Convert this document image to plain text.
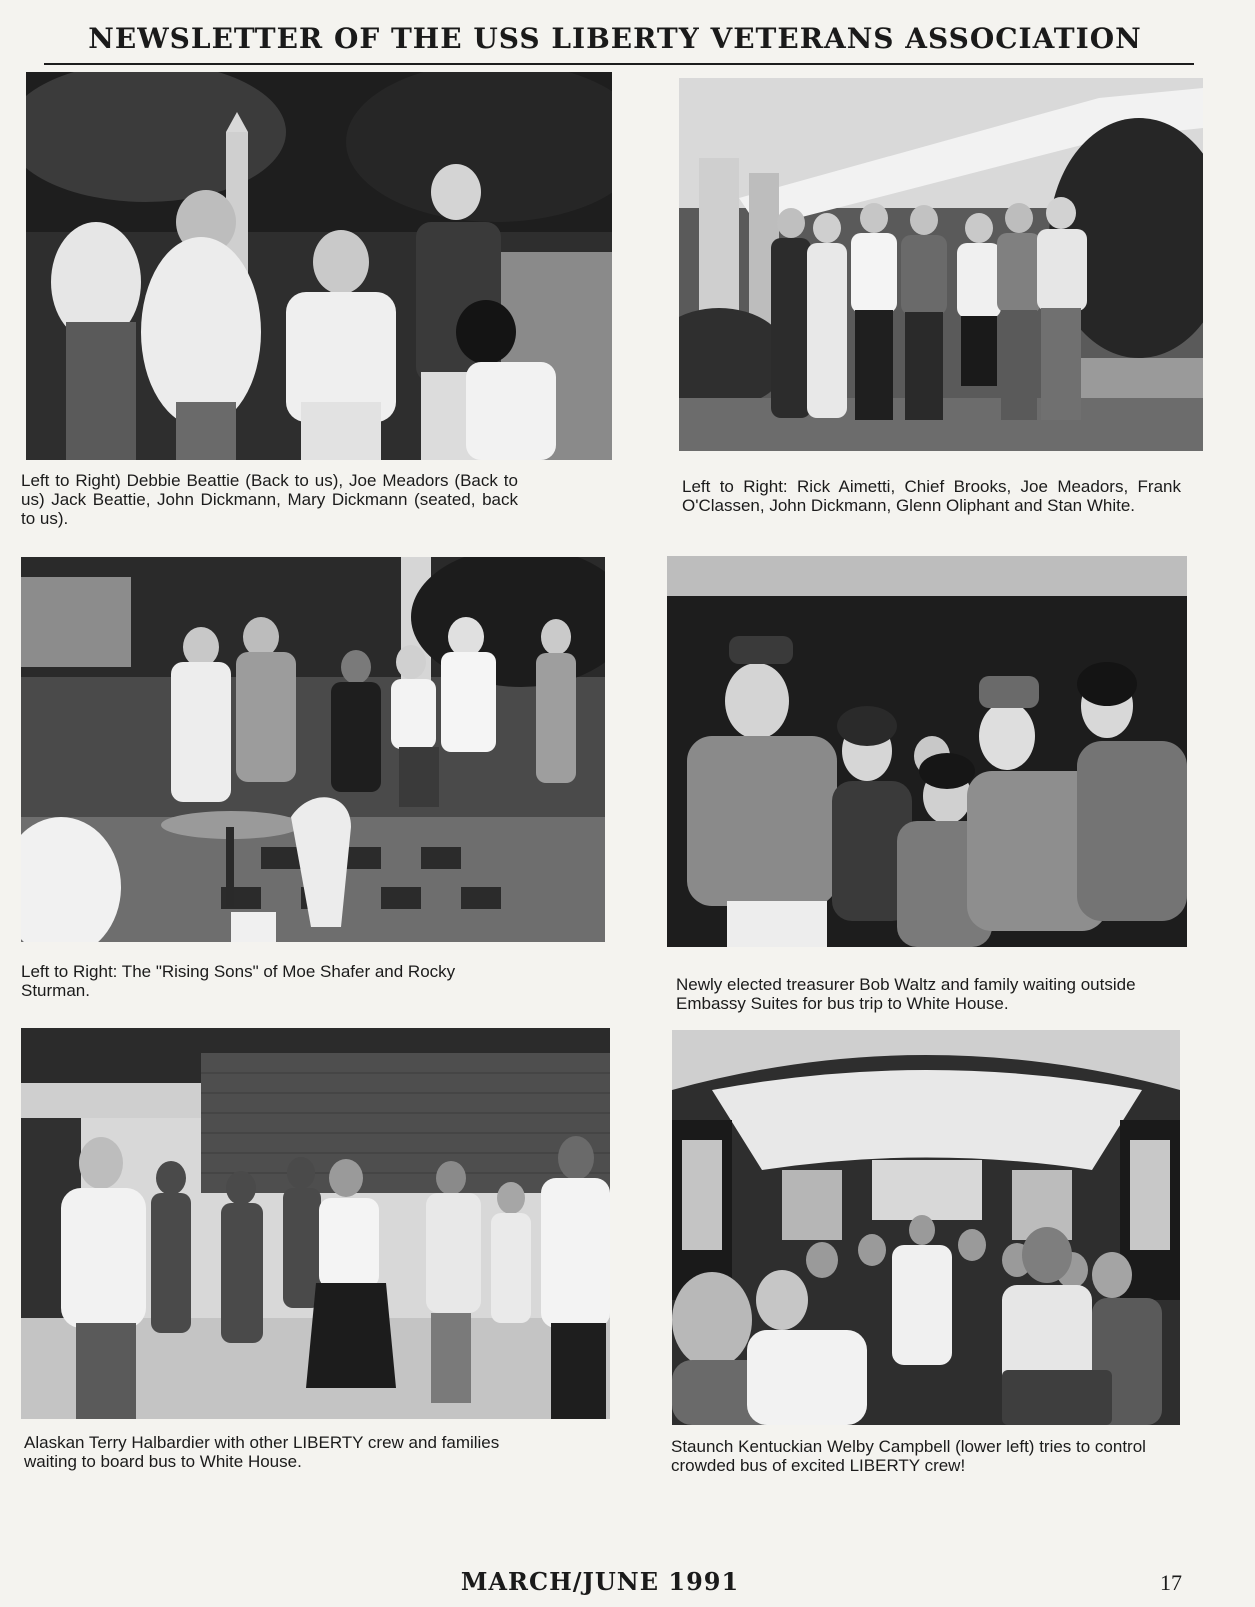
NEWSLETTER OF THE USS LIBERTY VETERANS ASSOCIATION
Left to Right) Debbie Beattie (Back to us), Joe Meadors (Back to us) Jack Beattie, John Dickmann, Mary Dickmann (seated, back to us).
Left to Right: Rick Aimetti, Chief Brooks, Joe Meadors, Frank O'Classen, John Dickmann, Glenn Oliphant and Stan White.
Left to Right: The "Rising Sons" of Moe Shafer and Rocky Sturman.	Newly elected treasurer Bob Waltz and family waiting outside Embassy Suites for bus trip to White House.
Alaskan Terry Halbardier with other LIBERTY crew and families waiting to board bus to White House.
Staunch Kentuckian Welby Campbell (lower left) tries to control crowded bus of excited LIBERTY crew!
MARCH/JUNE 1991	17
